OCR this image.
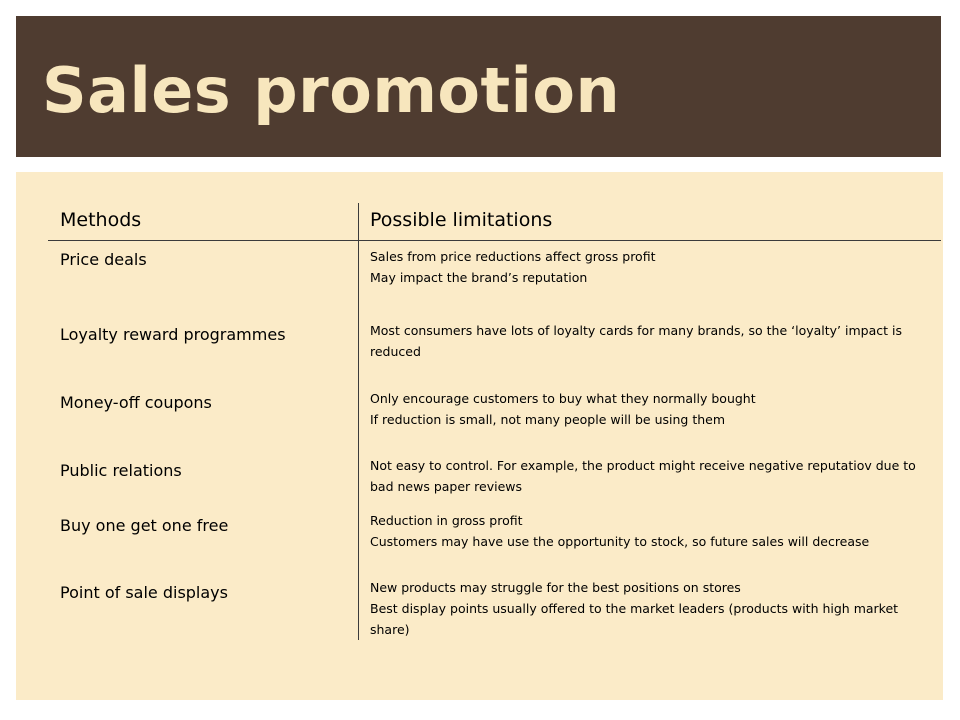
Sales promotion
Methods	Possible limitations
Price deals	Sales from price reductions affect gross profit
May impact the brand’s reputation
Loyalty reward programmes	Most consumers have lots of loyalty cards for many brands, so the ‘loyalty’ impact is reduced
Money-off coupons	Only encourage customers to buy what they normally bought
If reduction is small, not many people will be using them
Public relations	Not easy to control. For example, the product might receive negative reputatiov due to bad news paper reviews
Buy one get one free	Reduction in gross profit
Customers may have use the opportunity to stock, so future sales will decrease
Point of sale displays	New products may struggle for the best positions on stores
Best display points usually offered to the market leaders (products with high market share)
